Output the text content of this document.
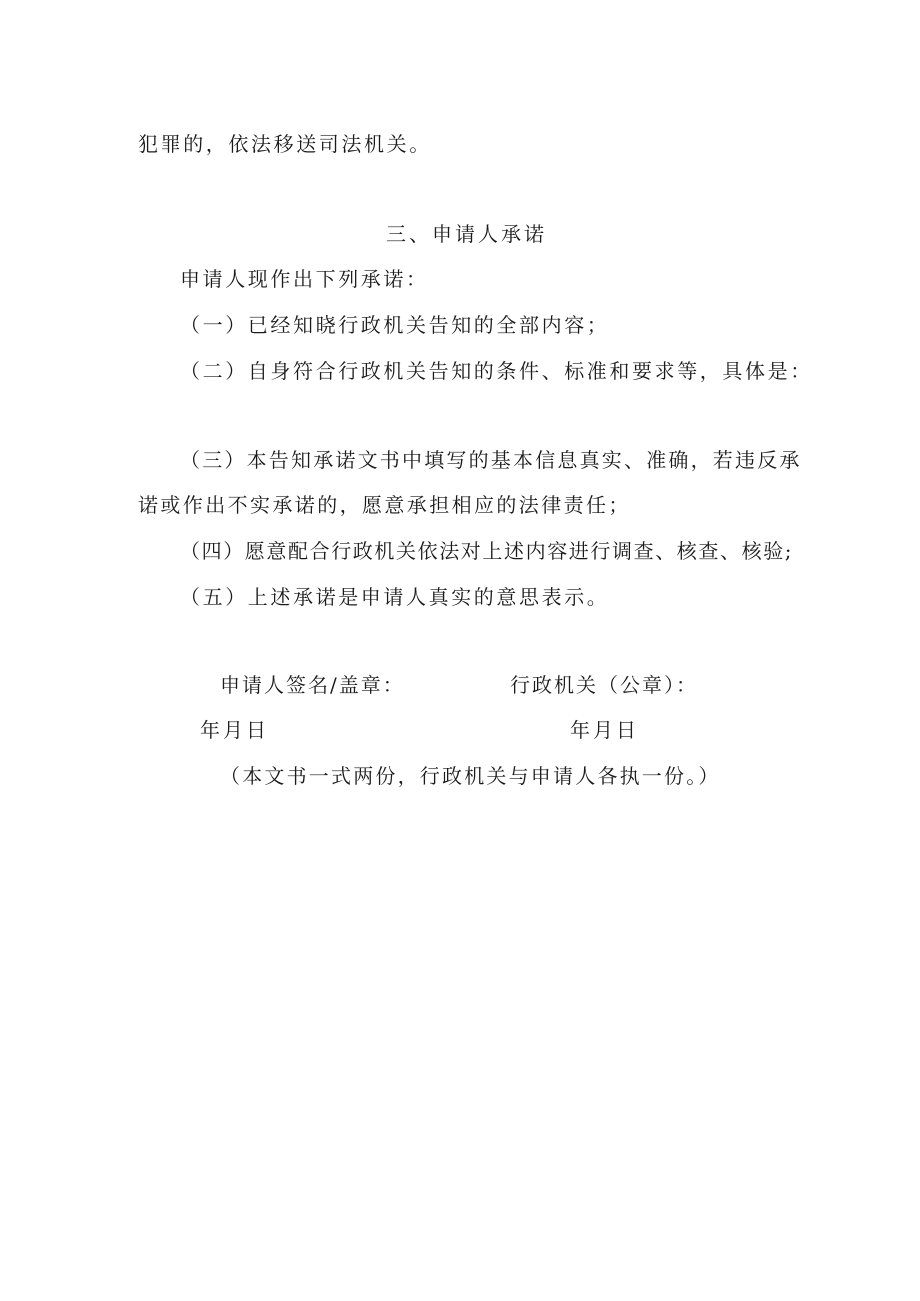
犯罪的，依法移送司法机关。
三、申请人承诺
申请人现作出下列承诺：
（一）已经知晓行政机关告知的全部内容；
（二）自身符合行政机关告知的条件、标准和要求等，具体是：
（三）本告知承诺文书中填写的基本信息真实、准确，若违反承
诺或作出不实承诺的，愿意承担相应的法律责任；
（四）愿意配合行政机关依法对上述内容进行调查、核查、核验;
（五）上述承诺是申请人真实的意思表示。
申请人签名/盖章：	行政机关（公章）：
年月日	年月日
（本文书一式两份，行政机关与申请人各执一份。）
